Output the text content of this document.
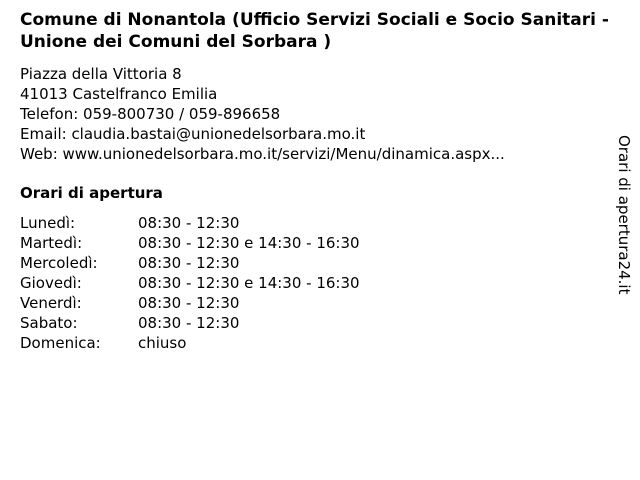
Comune di Nonantola (Ufficio Servizi Sociali e Socio Sanitari -Unione dei Comuni del Sorbara )
Piazza della Vittoria 8
41013 Castelfranco Emilia
Telefon: 059-800730 / 059-896658
Email: claudia.bastai@unionedelsorbara.mo.it
Web: www.unionedelsorbara.mo.it/servizi/Menu/dinamica.aspx...
Orari di apertura
Lunedì:	08:30 - 12:30
Martedì:	08:30 - 12:30 e 14:30 - 16:30
Mercoledì:	08:30 - 12:30
Giovedì:	08:30 - 12:30 e 14:30 - 16:30
Venerdì:	08:30 - 12:30
Sabato:	08:30 - 12:30
Domenica:	chiuso
Orari di apertura24.it
